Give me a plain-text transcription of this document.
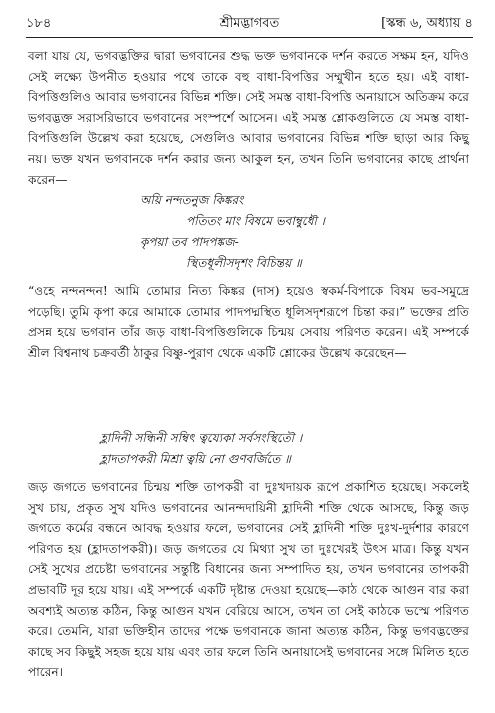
১৮৪	শ্রীমদ্ভাগবত	[স্কন্ধ ৬, অধ্যায় ৪

বলা যায় যে, ভগবদ্ভক্তির দ্বারা ভগবানের শুদ্ধ ভক্ত ভগবানকে দর্শন করতে সক্ষম হন, যদিও সেই লক্ষ্যে উপনীত হওয়ার পথে তাকে বহু বাধা-বিপত্তির সম্মুখীন হতে হয়। এই বাধা-বিপত্তিগুলিও আবার ভগবানের বিভিন্ন শক্তি। সেই সমস্ত বাধা-বিপত্তি অনায়াসে অতিক্রম করে ভগবদ্ভক্ত সরাসরিভাবে ভগবানের সংস্পর্শে আসেন। এই সমস্ত শ্লোকগুলিতে যে সমস্ত বাধা-বিপত্তিগুলি উল্লেখ করা হয়েছে, সেগুলিও আবার ভগবানের বিভিন্ন শক্তি ছাড়া আর কিছু নয়। ভক্ত যখন ভগবানকে দর্শন করার জন্য আকুল হন, তখন তিনি ভগবানের কাছে প্রার্থনা করেন—

অয়ি নন্দতনুজ কিঙ্করং
পতিতং মাং বিষমে ভবাম্বুধৌ ।
কৃপয়া তব পাদপঙ্কজ-
স্থিতধূলীসদৃশং বিচিন্তয় ॥

“ওহে নন্দনন্দন! আমি তোমার নিত্য কিঙ্কর (দাস) হয়েও স্বকর্ম-বিপাকে বিষম ভব-সমুদ্রে পড়েছি। তুমি কৃপা করে আমাকে তোমার পাদপদ্মস্থিত ধূলিসদৃশরূপে চিন্তা কর।” ভক্তের প্রতি প্রসন্ন হয়ে ভগবান তাঁর জড় বাধা-বিপত্তিগুলিকে চিন্ময় সেবায় পরিণত করেন। এই সম্পর্কে শ্রীল বিশ্বনাথ চক্রবর্তী ঠাকুর বিষ্ণু-পুরাণ থেকে একটি শ্লোকের উল্লেখ করেছেন—

হ্লাদিনী সন্ধিনী সম্বিৎ ত্বয্যেকা সর্বসংস্থিতৌ ।
হ্লাদতাপকরী মিশ্রা ত্বয়ি নো গুণবর্জিতে ॥

জড় জগতে ভগবানের চিন্ময় শক্তি তাপকরী বা দুঃখদায়ক রূপে প্রকাশিত হয়েছে। সকলেই সুখ চায়, প্রকৃত সুখ যদিও ভগবানের আনন্দদায়িনী হ্লাদিনী শক্তি থেকে আসছে, কিন্তু জড় জগতে কর্মের বন্ধনে আবদ্ধ হওয়ার ফলে, ভগবানের সেই হ্লাদিনী শক্তি দুঃখ-দুর্দশার কারণে পরিণত হয় (হ্লাদতাপকরী)। জড় জগতের যে মিথ্যা সুখ তা দুঃখেরই উৎস মাত্র। কিন্তু যখন সেই সুখের প্রচেষ্টা ভগবানের সন্তুষ্টি বিধানের জন্য সম্পাদিত হয়, তখন ভগবানের তাপকরী প্রভাবটি দূর হয়ে যায়। এই সম্পর্কে একটি দৃষ্টান্ত দেওয়া হয়েছে—কাঠ থেকে আগুন বার করা অবশ্যই অত্যন্ত কঠিন, কিন্তু আগুন যখন বেরিয়ে আসে, তখন তা সেই কাঠকে ভস্মে পরিণত করে। তেমনি, যারা ভক্তিহীন তাদের পক্ষে ভগবানকে জানা অত্যন্ত কঠিন, কিন্তু ভগবদ্ভক্তের কাছে সব কিছুই সহজ হয়ে যায় এবং তার ফলে তিনি অনায়াসেই ভগবানের সঙ্গে মিলিত হতে পারেন।
